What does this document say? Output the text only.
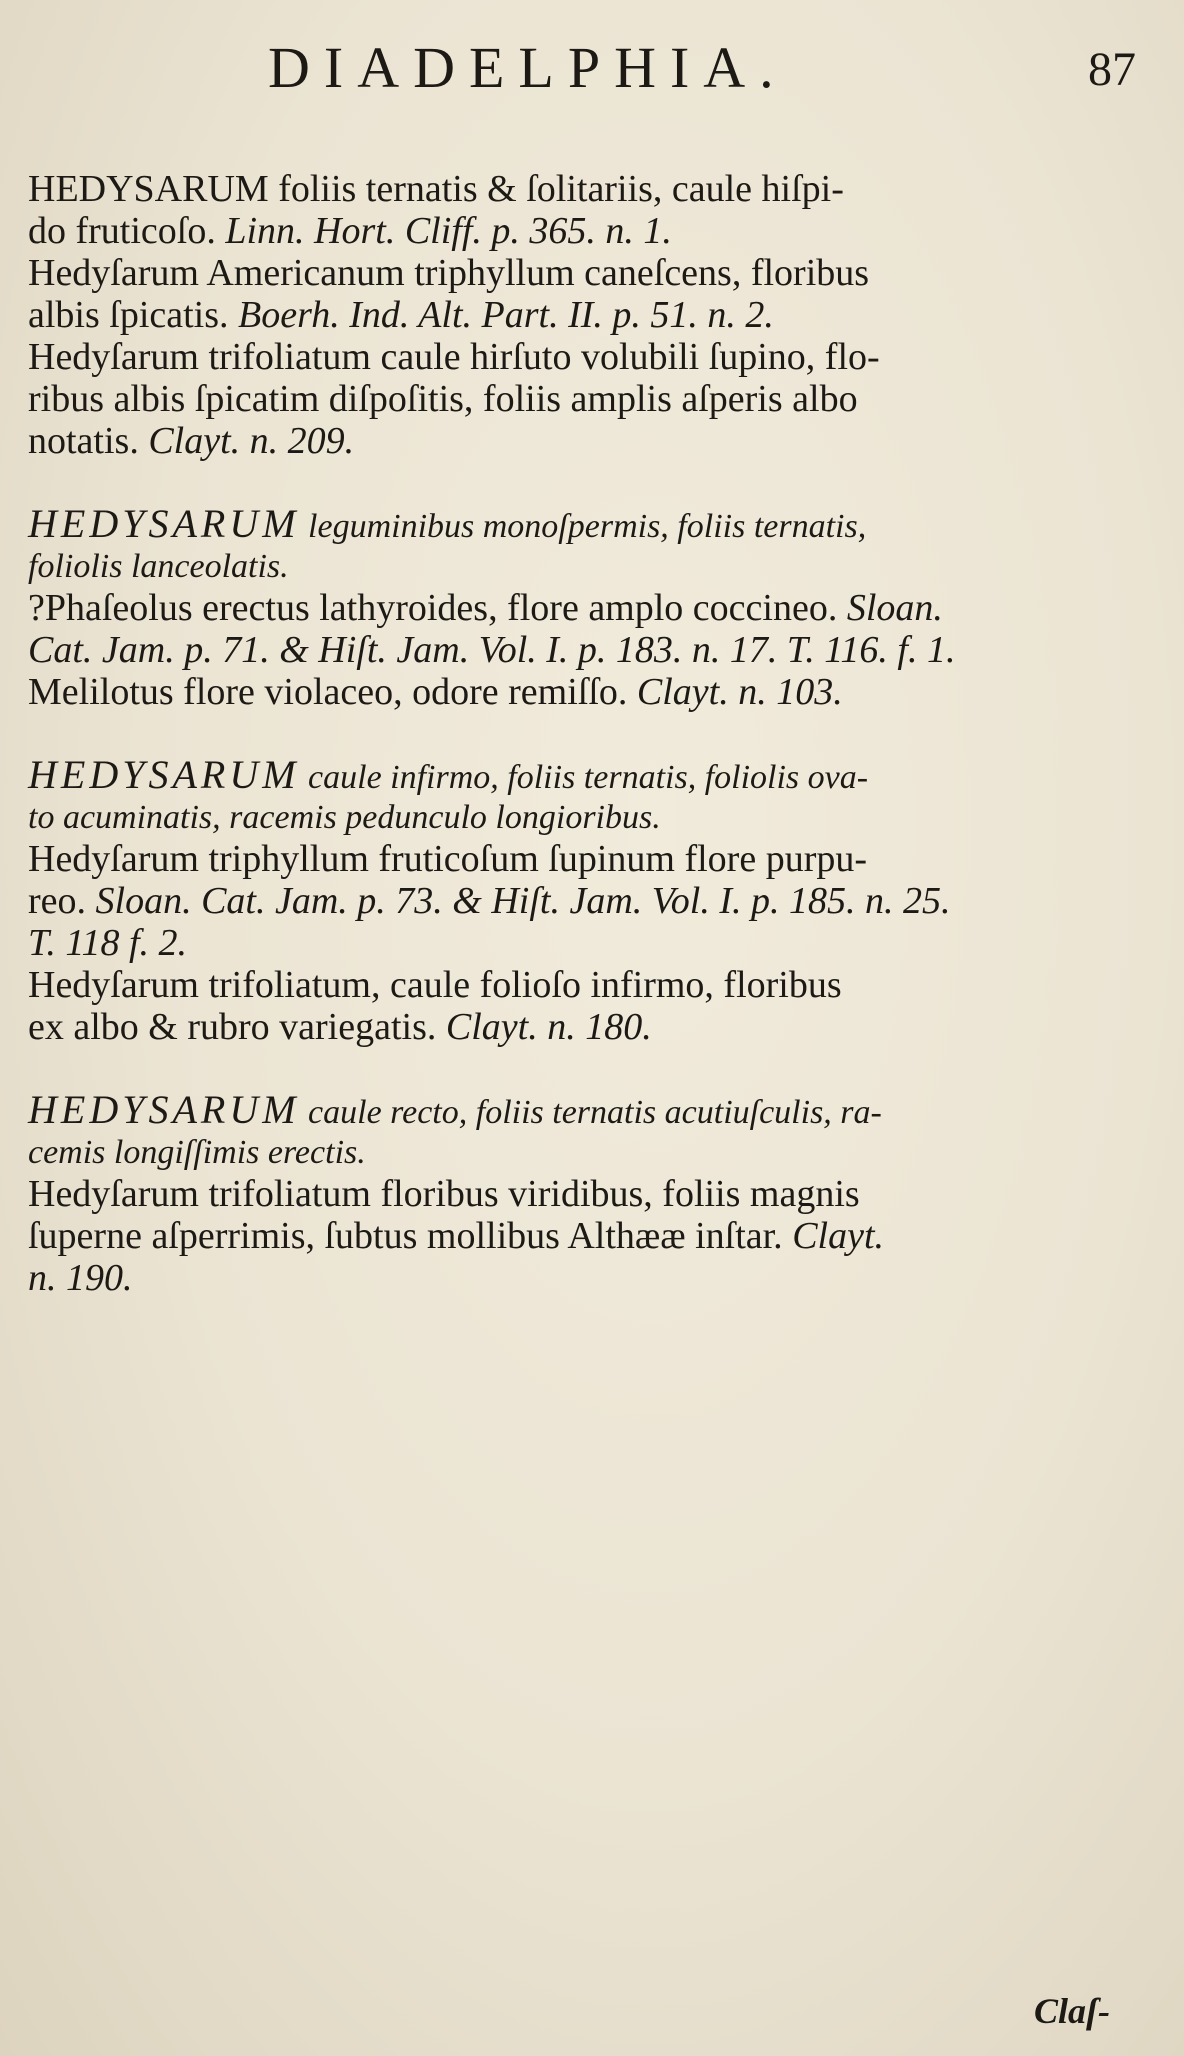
DIADELPHIA.	87
HEDYSARUM foliis ternatis & ſolitariis, caule hiſpi-
do fruticoſo. Linn. Hort. Cliff. p. 365. n. 1.
Hedyſarum Americanum triphyllum caneſcens, floribus
albis ſpicatis. Boerh. Ind. Alt. Part. II. p. 51. n. 2.
Hedyſarum trifoliatum caule hirſuto volubili ſupino, flo-
ribus albis ſpicatim diſpoſitis, foliis amplis aſperis albo
notatis. Clayt. n. 209.
HEDYSARUM leguminibus monoſpermis, foliis ternatis,
foliolis lanceolatis.
?Phaſeolus erectus lathyroides, flore amplo coccineo. Sloan.
Cat. Jam. p. 71. & Hiſt. Jam. Vol. I. p. 183. n. 17. T. 116. f. 1.
Melilotus flore violaceo, odore remiſſo. Clayt. n. 103.
HEDYSARUM caule infirmo, foliis ternatis, foliolis ova-
to acuminatis, racemis pedunculo longioribus.
Hedyſarum triphyllum fruticoſum ſupinum flore purpu-
reo. Sloan. Cat. Jam. p. 73. & Hiſt. Jam. Vol. I. p. 185. n. 25.
T. 118 f. 2.
Hedyſarum trifoliatum, caule folioſo infirmo, floribus
ex albo & rubro variegatis. Clayt. n. 180.
HEDYSARUM caule recto, foliis ternatis acutiuſculis, ra-
cemis longiſſimis erectis.
Hedyſarum trifoliatum floribus viridibus, foliis magnis
ſuperne aſperrimis, ſubtus mollibus Althææ inſtar. Clayt.
n. 190.
Claſ-
